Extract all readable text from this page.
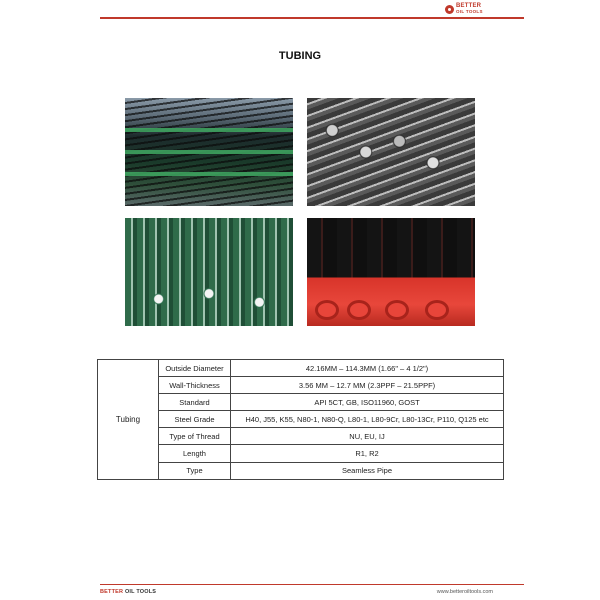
BETTER
OIL TOOLS
TUBING
Tubing	Outside Diameter	42.16MM – 114.3MM (1.66" – 4 1/2")
	Wall-Thickness	3.56 MM – 12.7 MM (2.3PPF – 21.5PPF)
	Standard	API 5CT, GB, ISO11960, GOST
	Steel Grade	H40, J55, K55, N80-1, N80-Q, L80-1, L80-9Cr, L80-13Cr, P110, Q125 etc
	Type of Thread	NU, EU, IJ
	Length	R1, R2
	Type	Seamless Pipe
BETTER OIL TOOLS	www.betteroiltools.com
